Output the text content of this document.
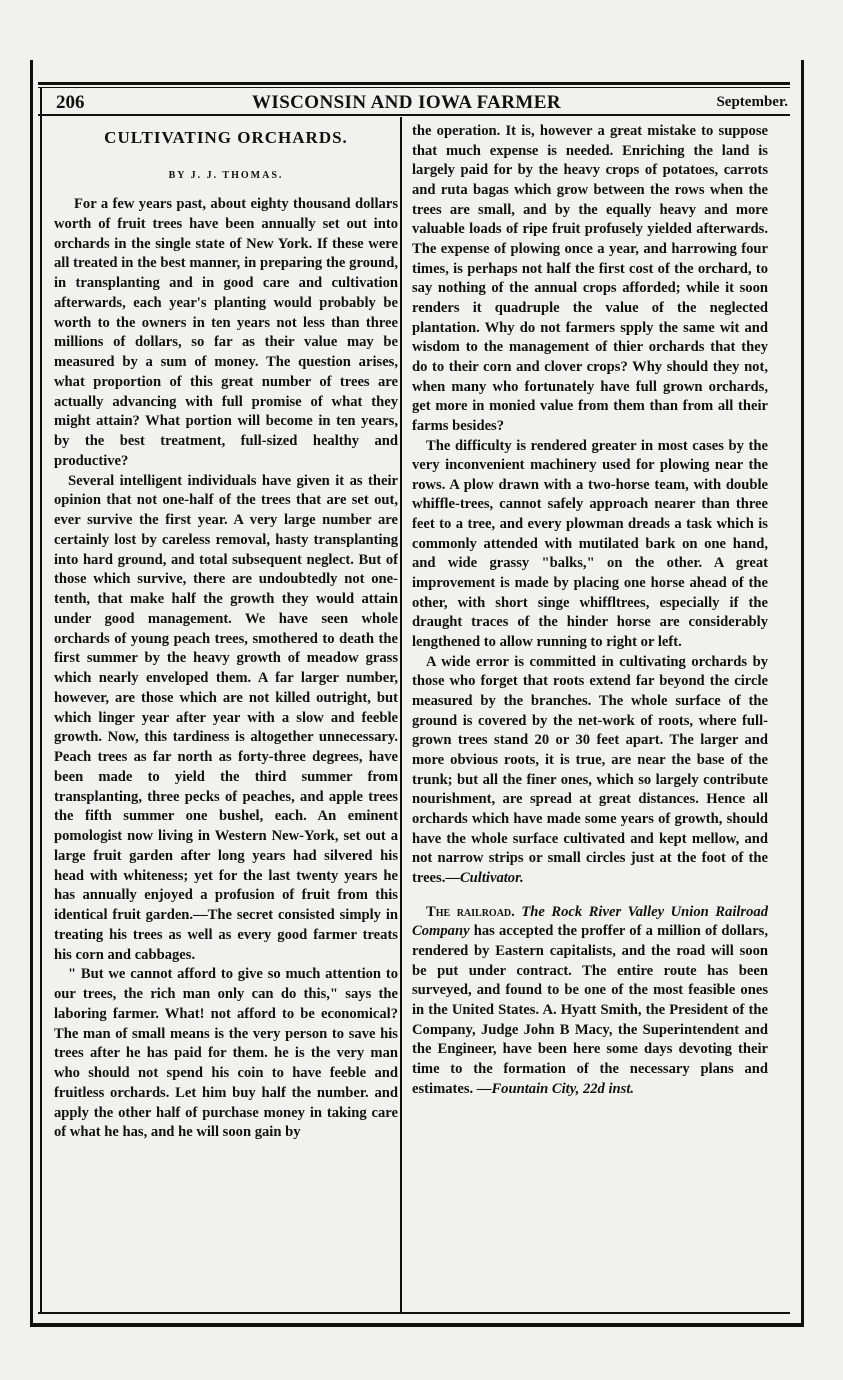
206	WISCONSIN AND IOWA FARMER	September.
CULTIVATING ORCHARDS.
BY J. J. THOMAS.

For a few years past, about eighty thousand dollars worth of fruit trees have been annually set out into orchards in the single state of New York. If these were all treated in the best manner, in preparing the ground, in transplanting and in good care and cultivation afterwards, each year's planting would probably be worth to the owners in ten years not less than three millions of dollars, so far as their value may be measured by a sum of money. The question arises, what proportion of this great number of trees are actually advancing with full promise of what they might attain? What portion will become in ten years, by the best treatment, full-sized healthy and productive?

Several intelligent individuals have given it as their opinion that not one-half of the trees that are set out, ever survive the first year. A very large number are certainly lost by careless removal, hasty transplanting into hard ground, and total subsequent neglect. But of those which survive, there are undoubtedly not one-tenth, that make half the growth they would attain under good management. We have seen whole orchards of young peach trees, smothered to death the first summer by the heavy growth of meadow grass which nearly enveloped them. A far larger number, however, are those which are not killed outright, but which linger year after year with a slow and feeble growth. Now, this tardiness is altogether unnecessary. Peach trees as far north as forty-three degrees, have been made to yield the third summer from transplanting, three pecks of peaches, and apple trees the fifth summer one bushel, each. An eminent pomologist now living in Western New-York, set out a large fruit garden after long years had silvered his head with whiteness; yet for the last twenty years he has annually enjoyed a profusion of fruit from this identical fruit garden.—The secret consisted simply in treating his trees as well as every good farmer treats his corn and cabbages.

" But we cannot afford to give so much attention to our trees, the rich man only can do this," says the laboring farmer. What! not afford to be economical? The man of small means is the very person to save his trees after he has paid for them. he is the very man who should not spend his coin to have feeble and fruitless orchards. Let him buy half the number. and apply the other half of purchase money in taking care of what he has, and he will soon gain by

the operation. It is, however a great mistake to suppose that much expense is needed. Enriching the land is largely paid for by the heavy crops of potatoes, carrots and ruta bagas which grow between the rows when the trees are small, and by the equally heavy and more valuable loads of ripe fruit profusely yielded afterwards. The expense of plowing once a year, and harrowing four times, is perhaps not half the first cost of the orchard, to say nothing of the annual crops afforded; while it soon renders it quadruple the value of the neglected plantation. Why do not farmers spply the same wit and wisdom to the management of thier orchards that they do to their corn and clover crops? Why should they not, when many who fortunately have full grown orchards, get more in monied value from them than from all their farms besides?

The difficulty is rendered greater in most cases by the very inconvenient machinery used for plowing near the rows. A plow drawn with a two-horse team, with double whiffle-trees, cannot safely approach nearer than three feet to a tree, and every plowman dreads a task which is commonly attended with mutilated bark on one hand, and wide grassy "balks," on the other. A great improvement is made by placing one horse ahead of the other, with short singe whiffltrees, especially if the draught traces of the hinder horse are considerably lengthened to allow running to right or left.

A wide error is committed in cultivating orchards by those who forget that roots extend far beyond the circle measured by the branches. The whole surface of the ground is covered by the net-work of roots, where full-grown trees stand 20 or 30 feet apart. The larger and more obvious roots, it is true, are near the base of the trunk; but all the finer ones, which so largely contribute nourishment, are spread at great distances. Hence all orchards which have made some years of growth, should have the whole surface cultivated and kept mellow, and not narrow strips or small circles just at the foot of the trees.—Cultivator.

The railroad. The Rock River Valley Union Railroad Company has accepted the proffer of a million of dollars, rendered by Eastern capitalists, and the road will soon be put under contract. The entire route has been surveyed, and found to be one of the most feasible ones in the United States. A. Hyatt Smith, the President of the Company, Judge John B Macy, the Superintendent and the Engineer, have been here some days devoting their time to the formation of the necessary plans and estimates. —Fountain City, 22d inst.
